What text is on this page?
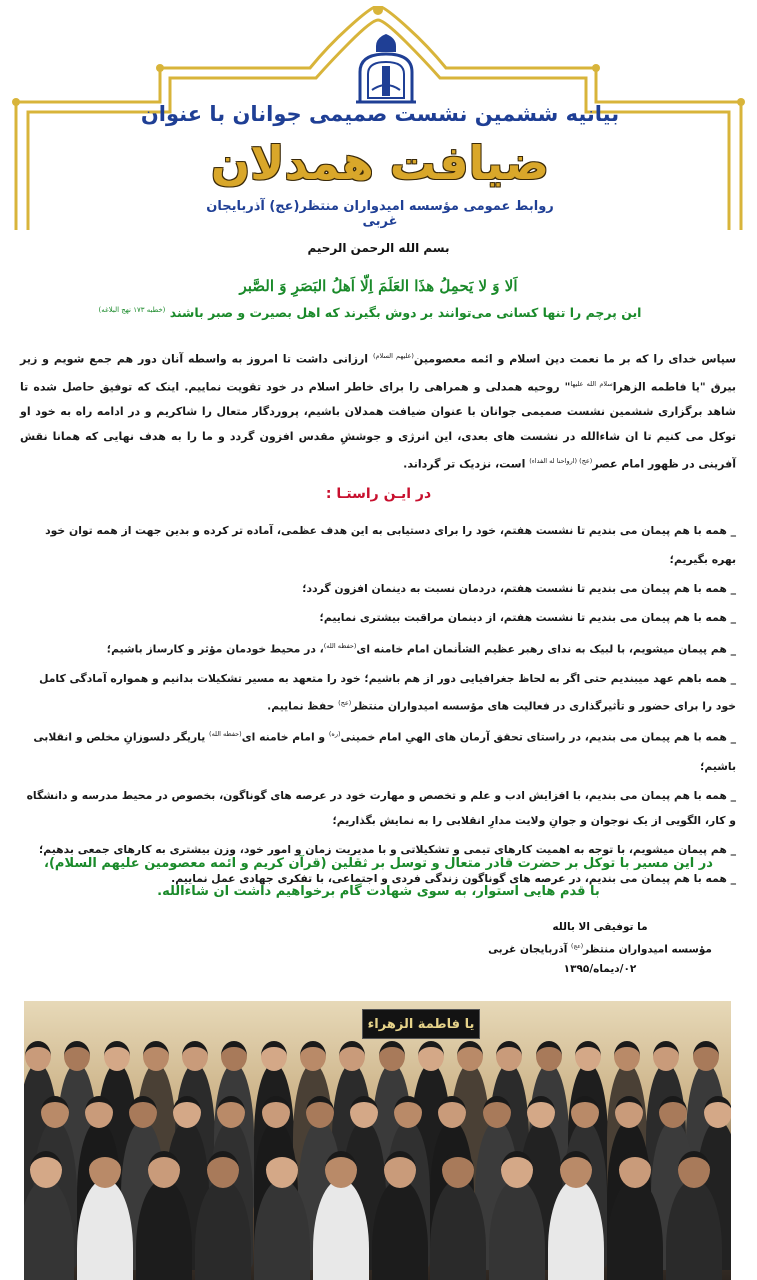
بیانیه ششمین نشست صمیمی جوانان با عنوان
ضیافت همدلان
روابط عمومی مؤسسه امیدواران منتظر(عج) آذربایجان غربی
بسم الله الرحمن الرحیم
اَلا وَ لا یَحمِلُ هذَا العَلَمَ اِلّا اَهلُ البَصَرِ وَ الصَّبر
این پرچم را تنها کسانی می‌توانند بر دوش بگیرند که اهل بصیرت و صبر باشند $^{(خطبه ۱۷۳ نهج البلاغه)}$

سپاس خدای را که بر ما نعمت دین اسلام و ائمه معصومین$^{(علیهم السلام)}$ ارزانی داشت تا امروز به واسطه آنان دور هم جمع شویم و زیر بیرق "یا فاطمه الزهرا$^{سلام الله علیها}$" روحیه همدلی و همراهی را برای خاطر اسلام در خود تقویت نماییم. اینک که توفیق حاصل شده تا شاهد برگزاری ششمین نشست صمیمی جوانان با عنوان ضیافت همدلان باشیم، پروردگار متعال را شاکریم و در ادامه راه به خود او توکل می کنیم تا ان شاءالله در نشست های بعدی، این انرژی و جوششِ مقدس افزون گردد و ما را به هدف نهایی که همانا نقش آفرینی در ظهور امام عصر$^{(عج) (ارواحنا له الفداء)}$ است، نزدیک تر گرداند.

در ایـن راستـا :
_ همه با هم پیمان می بندیم تا نشست هفتم، خود را برای دستیابی به این هدف عظمی، آماده تر کرده و بدین جهت از همه توان خود بهره بگیریم؛
_ همه با هم پیمان می بندیم تا نشست هفتم، دردمان نسبت به دینمان افزون گردد؛
_ همه با هم پیمان می بندیم تا نشست هفتم، از دینمان مراقبت بیشتری نماییم؛
_ هم پیمان میشویم، با لبیک به ندای رهبر عظیم الشأنمان امام خامنه ای$^{(حفظه الله)}$، در محیط خودمان مؤثر و کارساز باشیم؛
_ همه باهم عهد میبندیم حتی اگر به لحاظ جغرافیایی دور از هم باشیم؛ خود را متعهد به مسیر تشکیلات بدانیم و همواره آمادگی کامل خود را برای حضور و تأثیرگذاری در فعالیت های مؤسسه امیدواران منتظر$^{(عج)}$ حفظ نماییم.
_ همه با هم پیمان می بندیم، در راستای تحقق آرمان های الهیِ امام خمینی$^{(ره)}$ و امام خامنه ای$^{(حفظه الله)}$ یاریگر دلسوزانِ مخلص و انقلابی باشیم؛
_ همه با هم پیمان می بندیم، با افزایش ادب و علم و تخصص و مهارت خود در عرصه های گوناگون، بخصوص در محیط مدرسه و دانشگاه و کار، الگویی از یک نوجوان و جوانِ ولایت مدارِ انقلابی را به نمایش بگذاریم؛
_ هم پیمان میشویم، با توجه به اهمیت کارهای تیمی و تشکیلاتی و با مدیریت زمان و امور خود، وزن بیشتری به کارهای جمعی بدهیم؛
_ همه با هم پیمان می بندیم، در عرصه های گوناگون زندگی فردی و اجتماعی، با تفکری جهادی عمل نماییم.
در این مسیر با توکل بر حضرت قادر متعال و توسل بر ثقلین (قرآن کریم و ائمه معصومین علیهم السلام)،
با قدم هایی استوار، به سوی شهادت گام برخواهیم داشت ان شاءالله.
ما توفیقی الا بالله
مؤسسه امیدواران منتظر$^{(عج)}$ آذربایجان غربی
۰۲/دیماه/۱۳۹۵
یا فاطمة الزهراء
